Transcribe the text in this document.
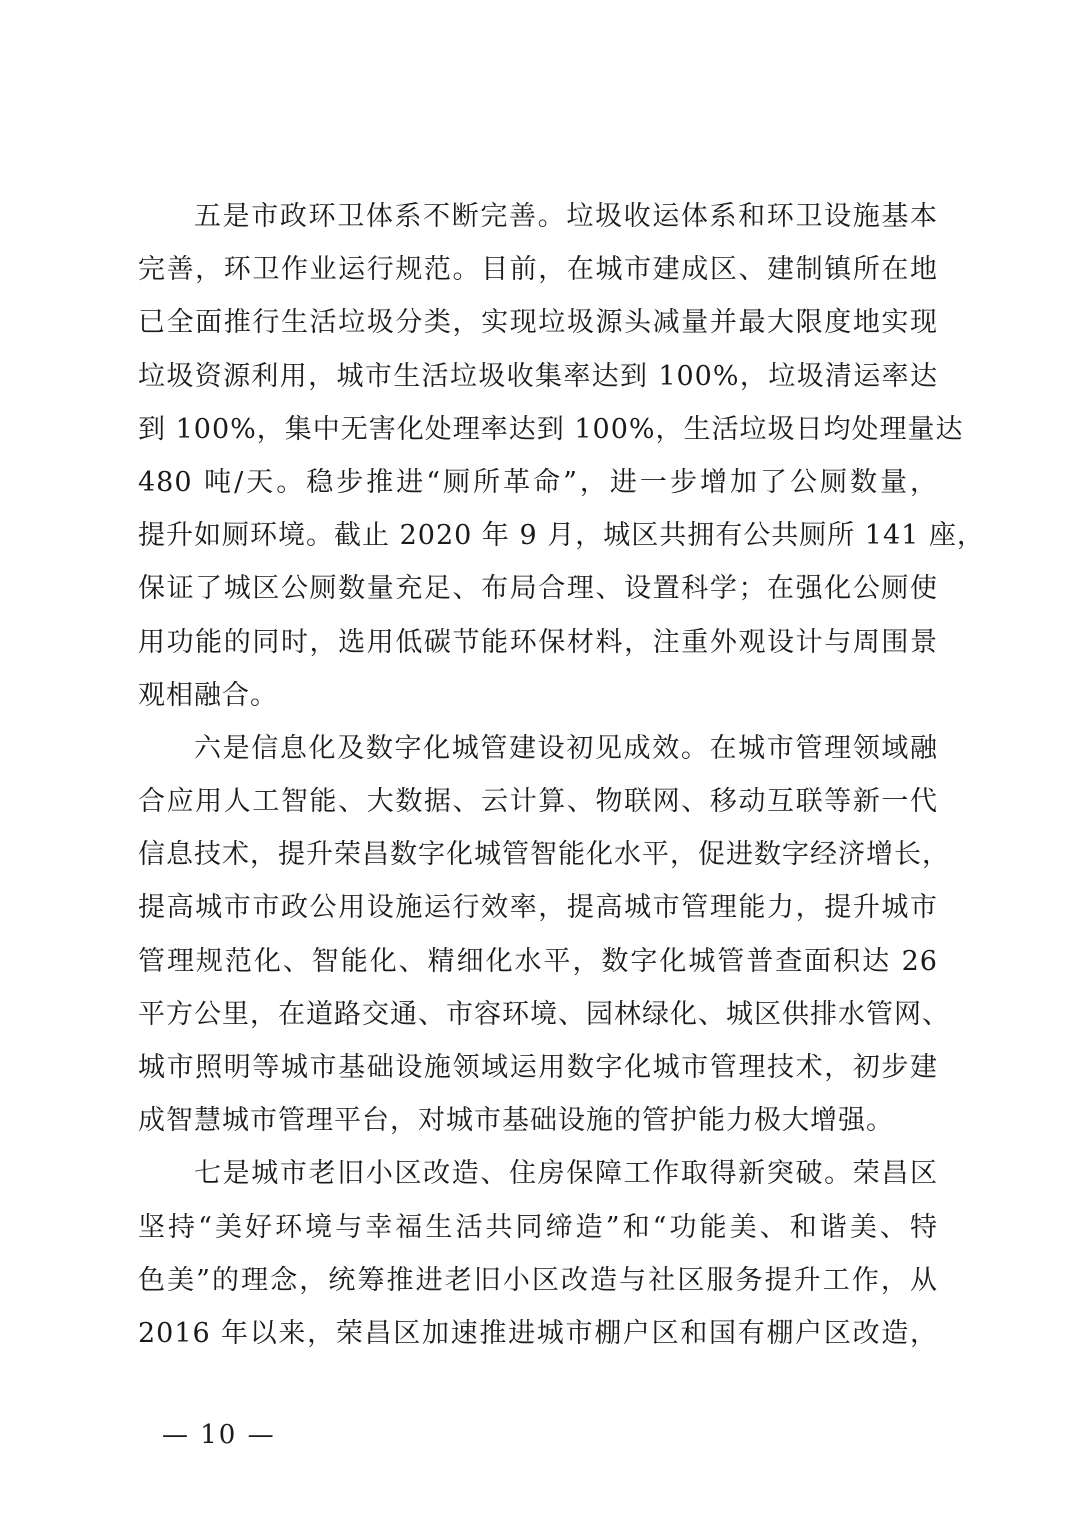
五是市政环卫体系不断完善。垃圾收运体系和环卫设施基本
完善，环卫作业运行规范。目前，在城市建成区、建制镇所在地
已全面推行生活垃圾分类，实现垃圾源头减量并最大限度地实现
垃圾资源利用，城市生活垃圾收集率达到 100%，垃圾清运率达
到 100%，集中无害化处理率达到 100%，生活垃圾日均处理量达
480 吨/天。稳步推进“厕所革命”，进一步增加了公厕数量，
提升如厕环境。截止 2020 年 9 月，城区共拥有公共厕所 141 座，
保证了城区公厕数量充足、布局合理、设置科学；在强化公厕使
用功能的同时，选用低碳节能环保材料，注重外观设计与周围景
观相融合。
六是信息化及数字化城管建设初见成效。在城市管理领域融
合应用人工智能、大数据、云计算、物联网、移动互联等新一代
信息技术，提升荣昌数字化城管智能化水平，促进数字经济增长，
提高城市市政公用设施运行效率，提高城市管理能力，提升城市
管理规范化、智能化、精细化水平，数字化城管普查面积达 26
平方公里，在道路交通、市容环境、园林绿化、城区供排水管网、
城市照明等城市基础设施领域运用数字化城市管理技术，初步建
成智慧城市管理平台，对城市基础设施的管护能力极大增强。
七是城市老旧小区改造、住房保障工作取得新突破。荣昌区
坚持“美好环境与幸福生活共同缔造”和“功能美、和谐美、特
色美”的理念，统筹推进老旧小区改造与社区服务提升工作，从
2016 年以来，荣昌区加速推进城市棚户区和国有棚户区改造，
— 10 —
